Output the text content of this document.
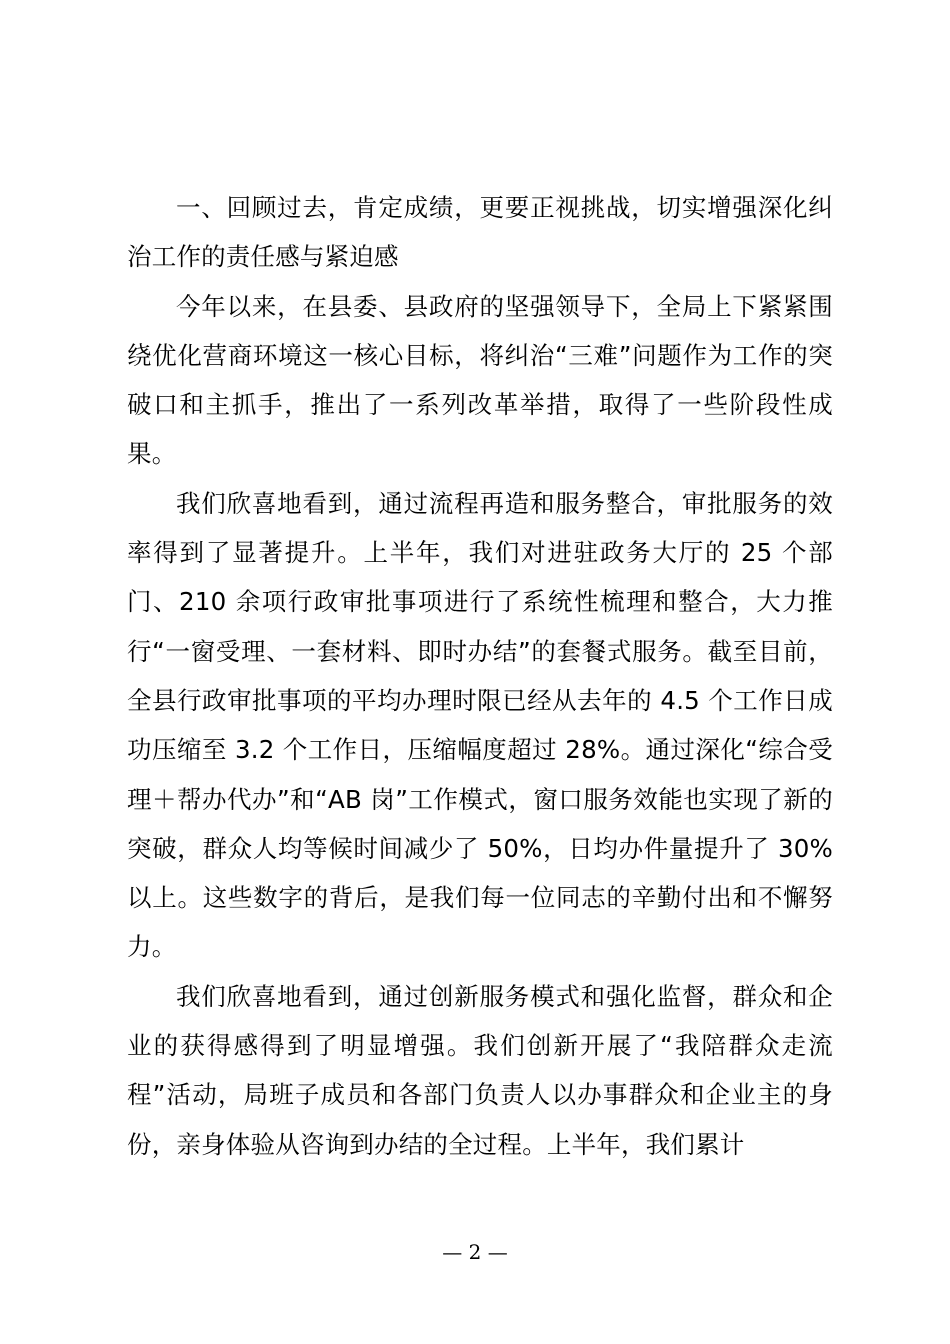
一、回顾过去，肯定成绩，更要正视挑战，切实增强深化纠治工作的责任感与紧迫感

今年以来，在县委、县政府的坚强领导下，全局上下紧紧围绕优化营商环境这一核心目标，将纠治“三难”问题作为工作的突破口和主抓手，推出了一系列改革举措，取得了一些阶段性成果。

我们欣喜地看到，通过流程再造和服务整合，审批服务的效率得到了显著提升。上半年，我们对进驻政务大厅的 25 个部门、210 余项行政审批事项进行了系统性梳理和整合，大力推行“一窗受理、一套材料、即时办结”的套餐式服务。截至目前，全县行政审批事项的平均办理时限已经从去年的 4.5 个工作日成功压缩至 3.2 个工作日，压缩幅度超过 28%。通过深化“综合受理＋帮办代办”和“AB 岗”工作模式，窗口服务效能也实现了新的突破，群众人均等候时间减少了 50%，日均办件量提升了 30%以上。这些数字的背后，是我们每一位同志的辛勤付出和不懈努力。

我们欣喜地看到，通过创新服务模式和强化监督，群众和企业的获得感得到了明显增强。我们创新开展了“我陪群众走流程”活动，局班子成员和各部门负责人以办事群众和企业主的身份，亲身体验从咨询到办结的全过程。上半年，我们累计

— 2 —
